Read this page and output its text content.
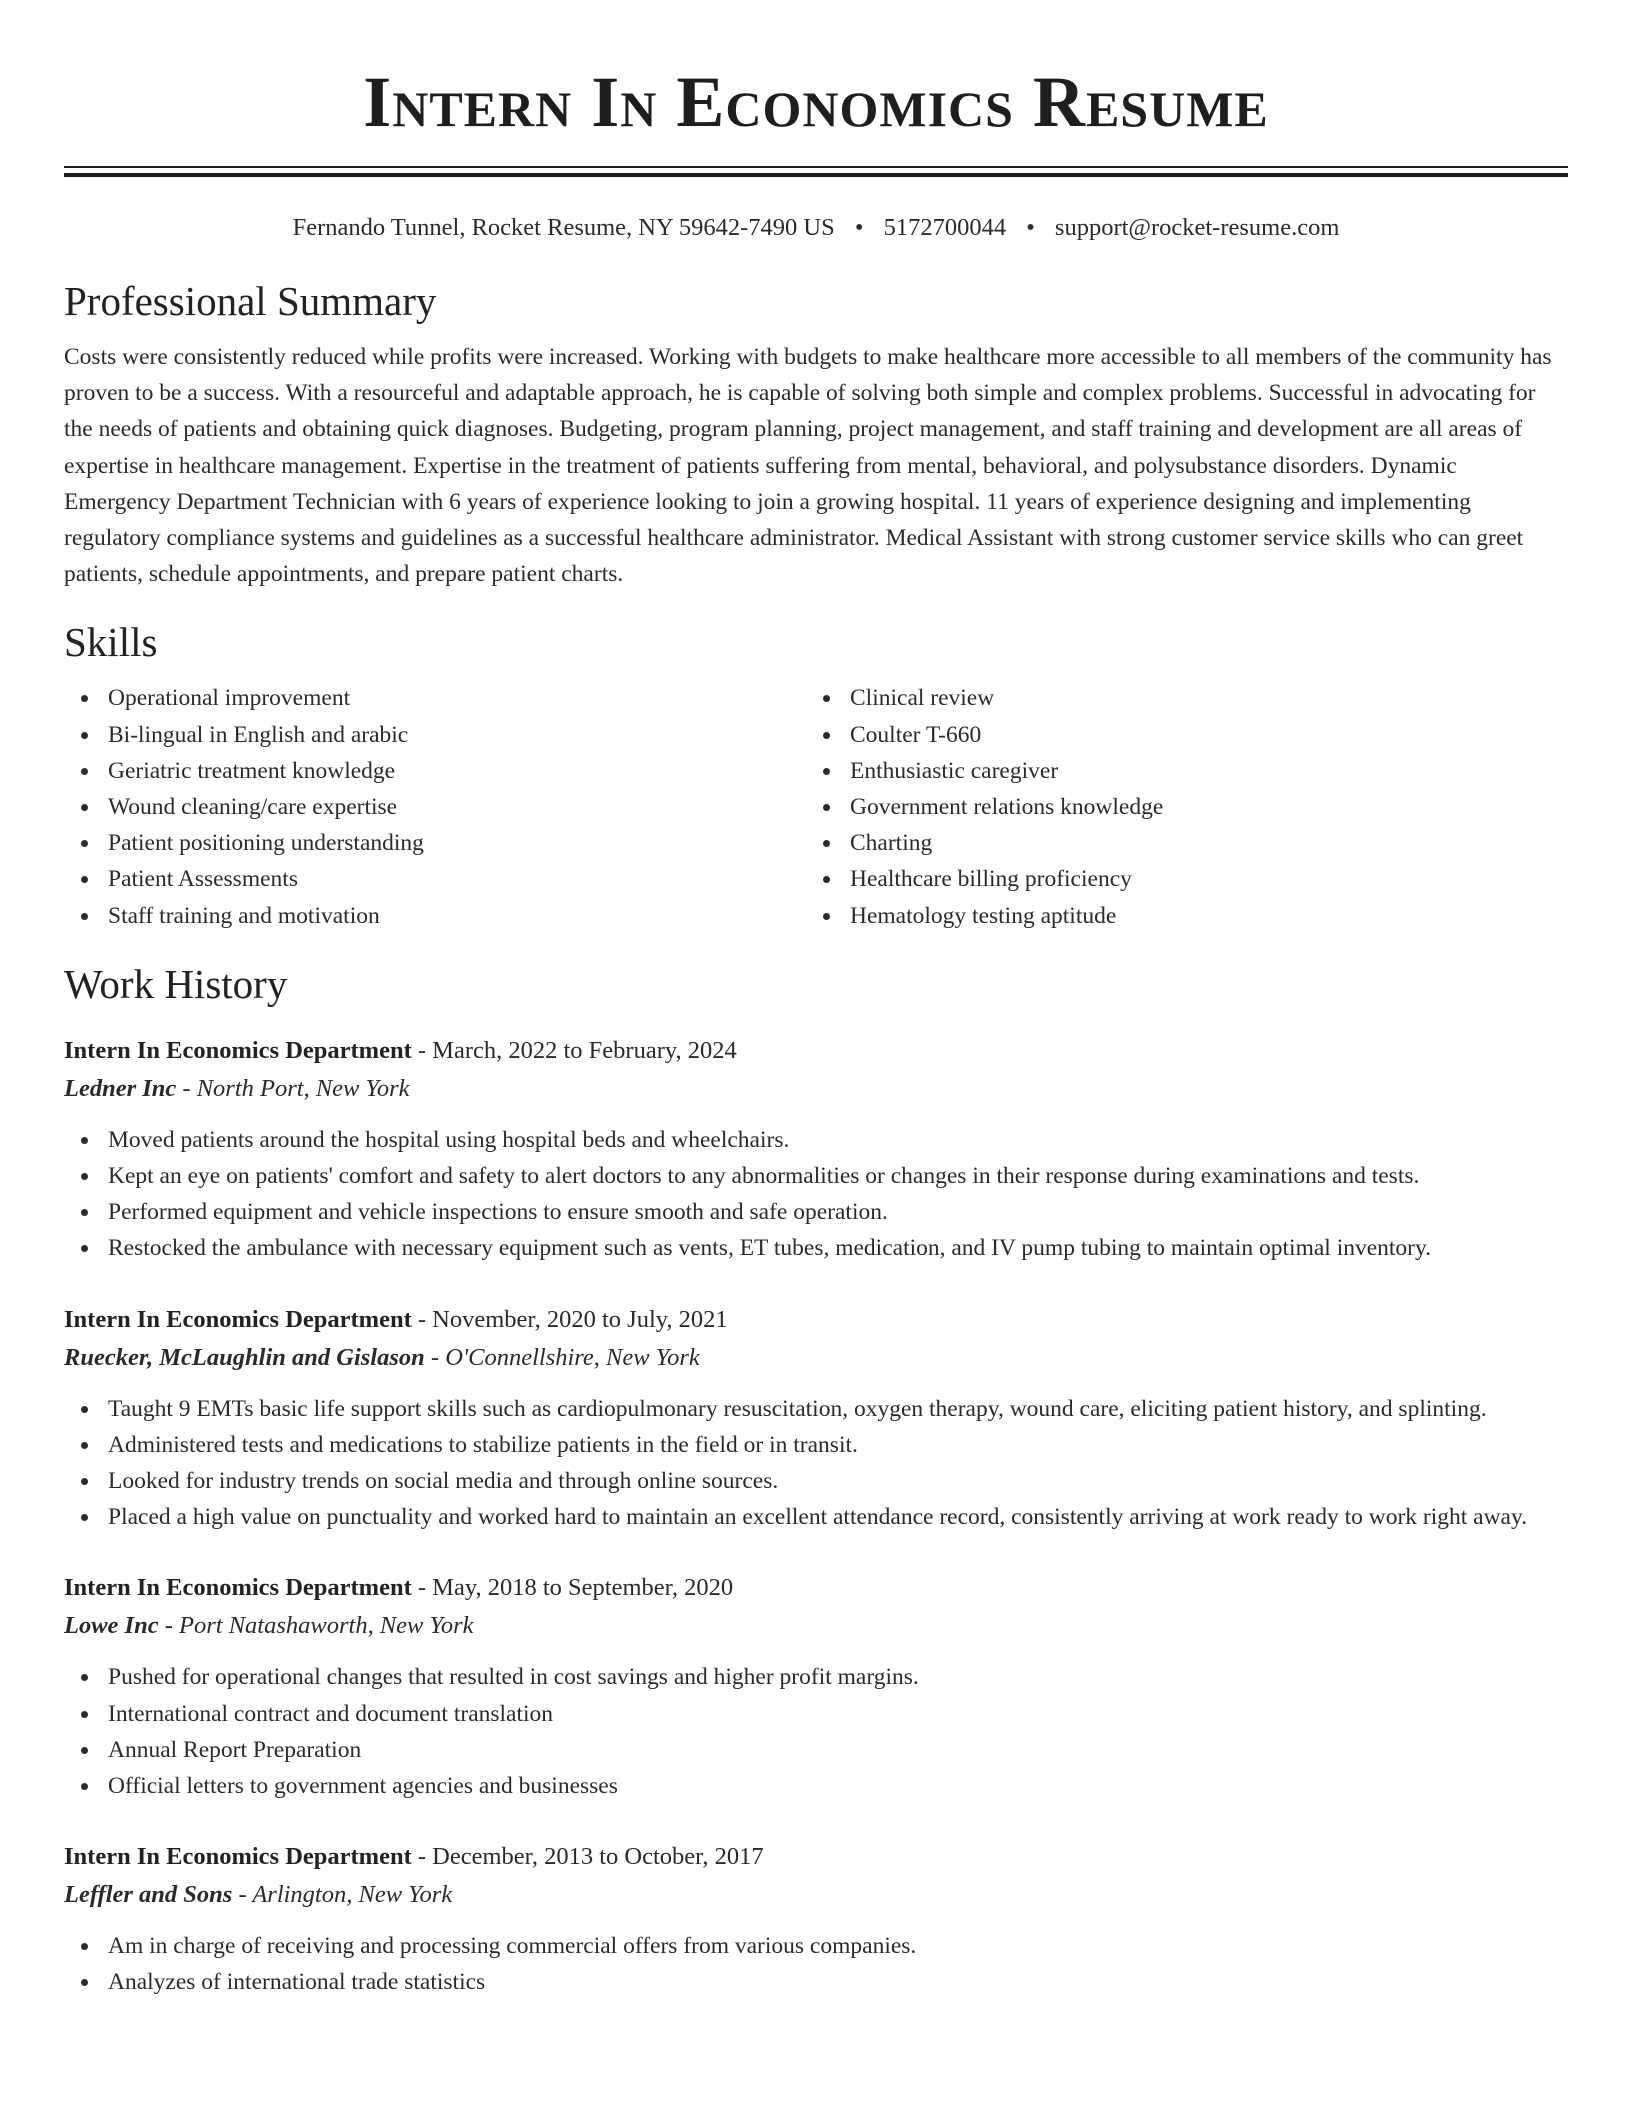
Intern In Economics Resume
Fernando Tunnel, Rocket Resume, NY 59642-7490 US • 5172700044 • support@rocket-resume.com
Professional Summary

Costs were consistently reduced while profits were increased. Working with budgets to make healthcare more accessible to all members of the community has proven to be a success. With a resourceful and adaptable approach, he is capable of solving both simple and complex problems. Successful in advocating for the needs of patients and obtaining quick diagnoses. Budgeting, program planning, project management, and staff training and development are all areas of expertise in healthcare management. Expertise in the treatment of patients suffering from mental, behavioral, and polysubstance disorders. Dynamic Emergency Department Technician with 6 years of experience looking to join a growing hospital. 11 years of experience designing and implementing regulatory compliance systems and guidelines as a successful healthcare administrator. Medical Assistant with strong customer service skills who can greet patients, schedule appointments, and prepare patient charts.

Skills
Operational improvement
Bi-lingual in English and arabic
Geriatric treatment knowledge
Wound cleaning/care expertise
Patient positioning understanding
Patient Assessments
Staff training and motivation
Clinical review
Coulter T-660
Enthusiastic caregiver
Government relations knowledge
Charting
Healthcare billing proficiency
Hematology testing aptitude
Work History
Intern In Economics Department - March, 2022 to February, 2024
Ledner Inc - North Port, New York
Moved patients around the hospital using hospital beds and wheelchairs.
Kept an eye on patients' comfort and safety to alert doctors to any abnormalities or changes in their response during examinations and tests.
Performed equipment and vehicle inspections to ensure smooth and safe operation.
Restocked the ambulance with necessary equipment such as vents, ET tubes, medication, and IV pump tubing to maintain optimal inventory.
Intern In Economics Department - November, 2020 to July, 2021
Ruecker, McLaughlin and Gislason - O'Connellshire, New York
Taught 9 EMTs basic life support skills such as cardiopulmonary resuscitation, oxygen therapy, wound care, eliciting patient history, and splinting.
Administered tests and medications to stabilize patients in the field or in transit.
Looked for industry trends on social media and through online sources.
Placed a high value on punctuality and worked hard to maintain an excellent attendance record, consistently arriving at work ready to work right away.
Intern In Economics Department - May, 2018 to September, 2020
Lowe Inc - Port Natashaworth, New York
Pushed for operational changes that resulted in cost savings and higher profit margins.
International contract and document translation
Annual Report Preparation
Official letters to government agencies and businesses
Intern In Economics Department - December, 2013 to October, 2017
Leffler and Sons - Arlington, New York
Am in charge of receiving and processing commercial offers from various companies.
Analyzes of international trade statistics
